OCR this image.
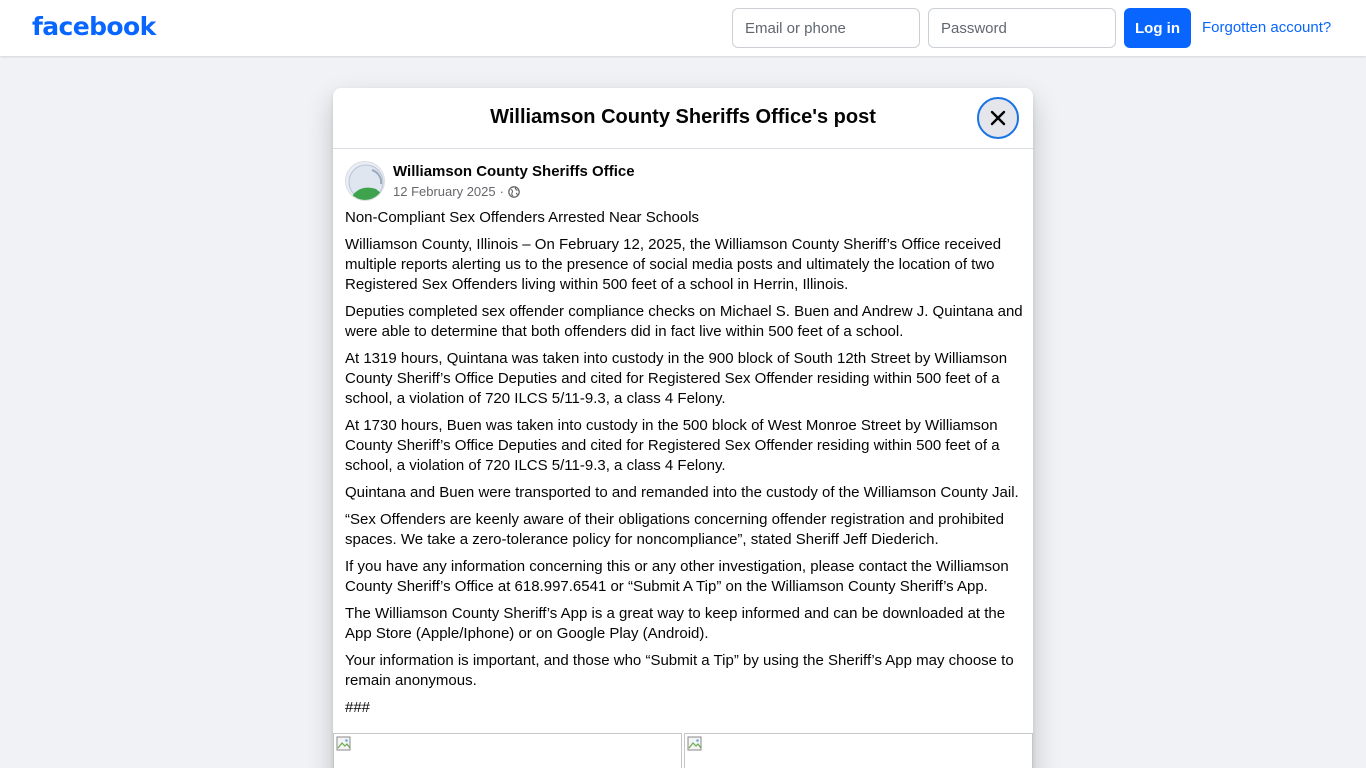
facebook
Email or phone	Log in	Forgotten account?
Williamson County Sheriffs Office's post
Williamson County Sheriffs Office
12 February 2025 ·

Non-Compliant Sex Offenders Arrested Near Schools

Williamson County, Illinois – On February 12, 2025, the Williamson County Sheriff’s Office received multiple reports alerting us to the presence of social media posts and ultimately the location of two Registered Sex Offenders living within 500 feet of a school in Herrin, Illinois.

Deputies completed sex offender compliance checks on Michael S. Buen and Andrew J. Quintana and were able to determine that both offenders did in fact live within 500 feet of a school.

At 1319 hours, Quintana was taken into custody in the 900 block of South 12th Street by Williamson County Sheriff’s Office Deputies and cited for Registered Sex Offender residing within 500 feet of a school, a violation of 720 ILCS 5/11-9.3, a class 4 Felony.

At 1730 hours, Buen was taken into custody in the 500 block of West Monroe Street by Williamson County Sheriff’s Office Deputies and cited for Registered Sex Offender residing within 500 feet of a school, a violation of 720 ILCS 5/11-9.3, a class 4 Felony.

Quintana and Buen were transported to and remanded into the custody of the Williamson County Jail.

“Sex Offenders are keenly aware of their obligations concerning offender registration and prohibited spaces. We take a zero-tolerance policy for noncompliance”, stated Sheriff Jeff Diederich.

If you have any information concerning this or any other investigation, please contact the Williamson County Sheriff’s Office at 618.997.6541 or “Submit A Tip” on the Williamson County Sheriff’s App.

The Williamson County Sheriff’s App is a great way to keep informed and can be downloaded at the App Store (Apple/Iphone) or on Google Play (Android).

Your information is important, and those who “Submit a Tip” by using the Sheriff’s App may choose to remain anonymous.

###
